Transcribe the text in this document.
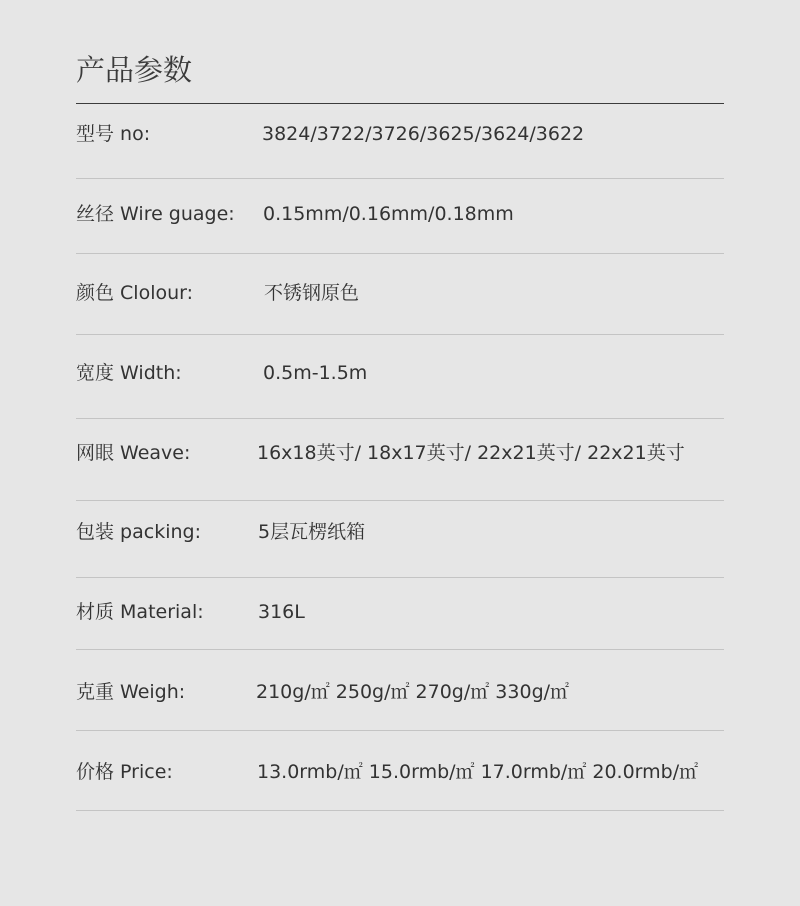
产品参数
型号 no:	3824/3722/3726/3625/3624/3622
丝径 Wire guage: 0.15mm/0.16mm/0.18mm
颜色 Clolour:	不锈钢原色
宽度 Width:	0.5m-1.5m
网眼 Weave:	16x18英寸/ 18x17英寸/ 22x21英寸/ 22x21英寸
包装 packing:	5层瓦楞纸箱
材质 Material:	316L
克重 Weigh:	210g/㎡ 250g/㎡ 270g/㎡ 330g/㎡
价格 Price:	13.0rmb/㎡ 15.0rmb/㎡ 17.0rmb/㎡ 20.0rmb/㎡
